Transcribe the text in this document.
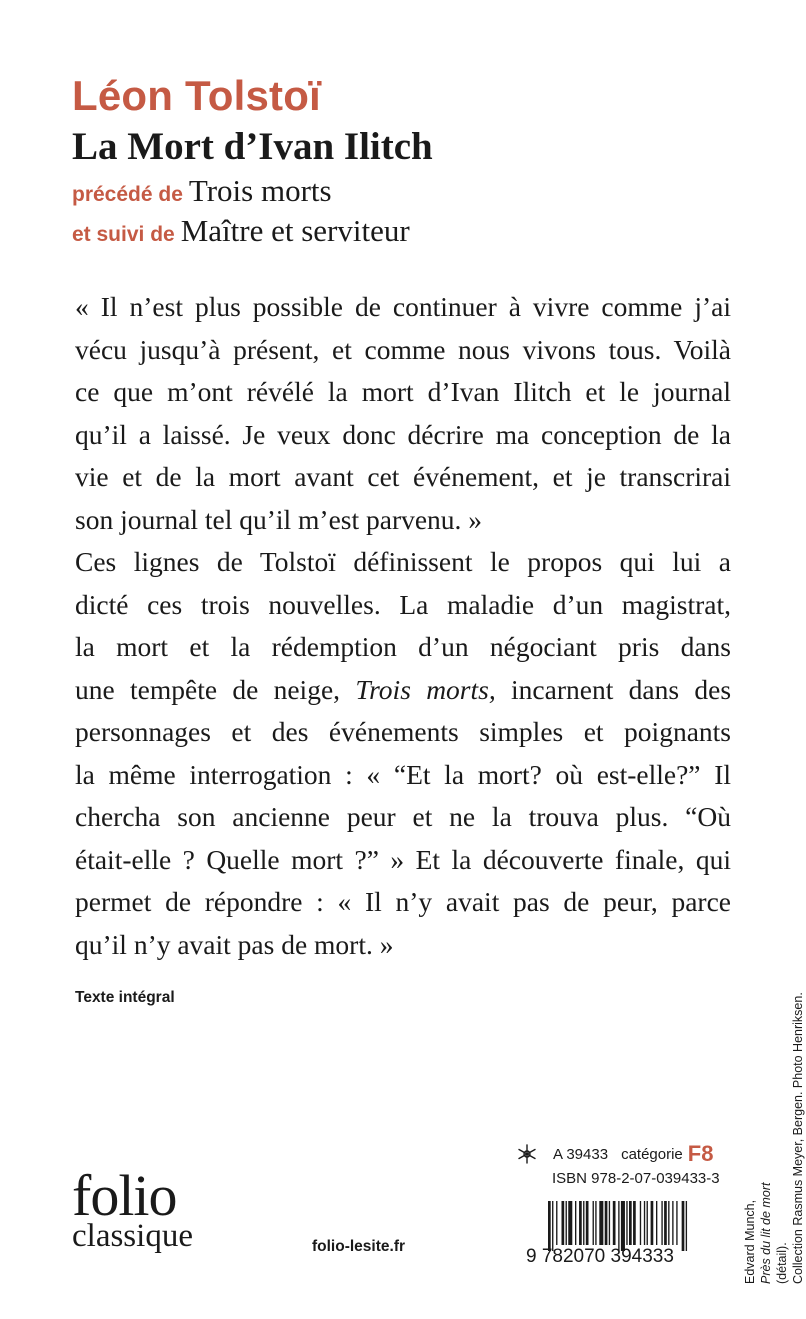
Léon Tolstoï
La Mort d’Ivan Ilitch
précédé de Trois morts
et suivi de Maître et serviteur

« Il n’est plus possible de continuer à vivre comme j’ai
vécu jusqu’à présent, et comme nous vivons tous. Voilà
ce que m’ont révélé la mort d’Ivan Ilitch et le journal
qu’il a laissé. Je veux donc décrire ma conception de la
vie et de la mort avant cet événement, et je transcrirai
son journal tel qu’il m’est parvenu. »

Ces lignes de Tolstoï définissent le propos qui lui a
dicté ces trois nouvelles. La maladie d’un magistrat,
la mort et la rédemption d’un négociant pris dans
une tempête de neige, Trois morts, incarnent dans des
personnages et des événements simples et poignants
la même interrogation : « “Et la mort? où est-elle?” Il
chercha son ancienne peur et ne la trouva plus. “Où
était-elle ? Quelle mort ?” » Et la découverte finale, qui
permet de répondre : « Il n’y avait pas de peur, parce
qu’il n’y avait pas de mort. »

Texte intégral

folio
classique	folio-lesite.fr

A 39433 catégorie F8

ISBN 978-2-07-039433-3

9 782070 394333	Edvard Munch, Près du lit de mort (détail). Collection Rasmus Meyer, Bergen. Photo Henriksen.
